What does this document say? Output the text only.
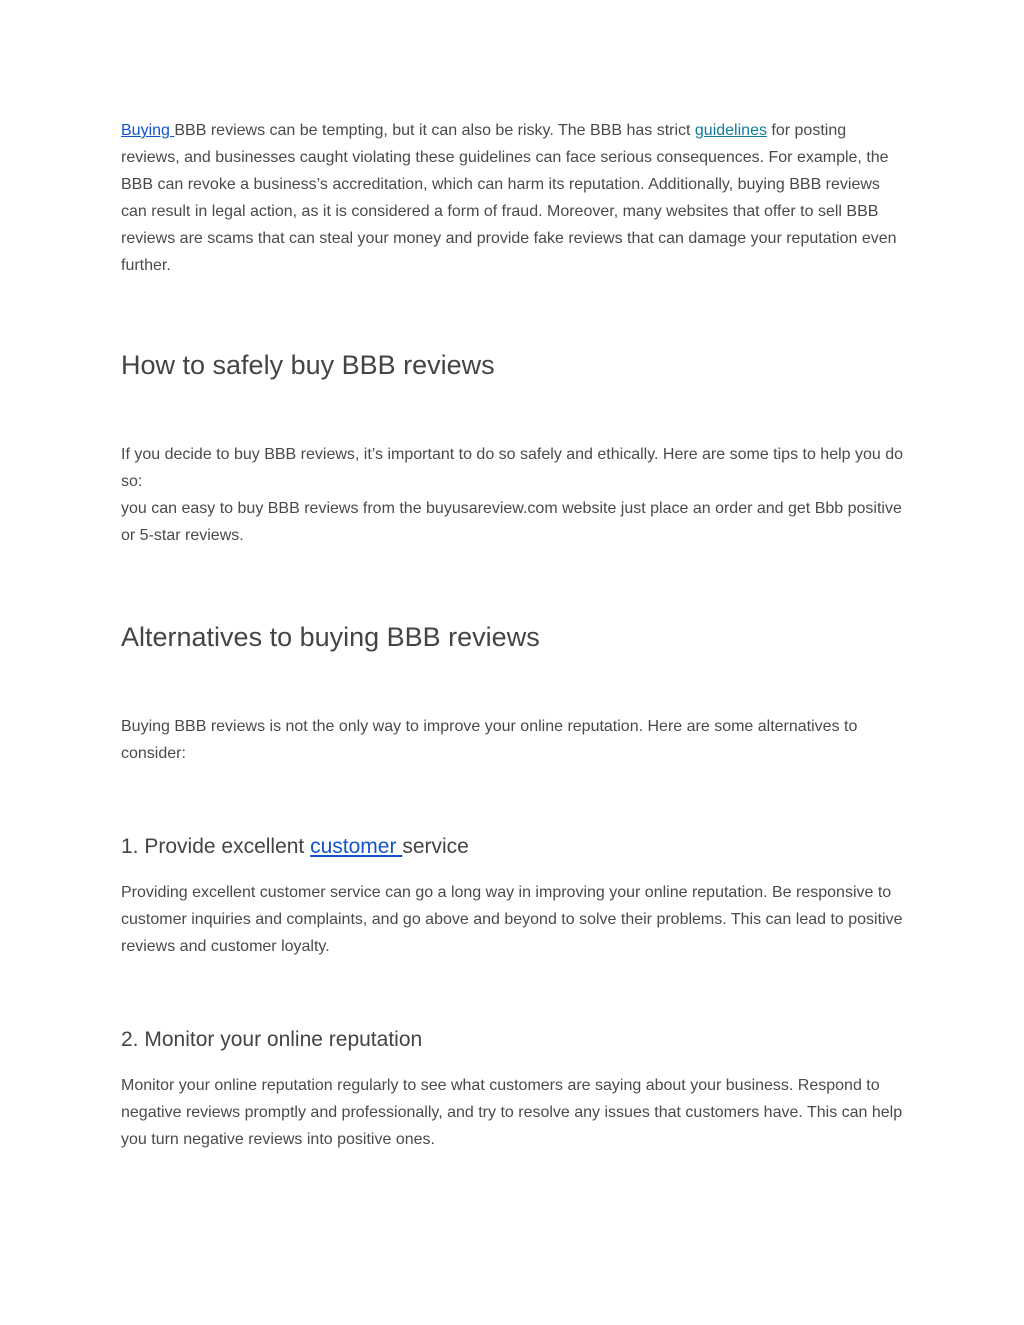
Buying BBB reviews can be tempting, but it can also be risky. The BBB has strict guidelines for posting reviews, and businesses caught violating these guidelines can face serious consequences. For example, the BBB can revoke a business’s accreditation, which can harm its reputation. Additionally, buying BBB reviews can result in legal action, as it is considered a form of fraud. Moreover, many websites that offer to sell BBB reviews are scams that can steal your money and provide fake reviews that can damage your reputation even further.

How to safely buy BBB reviews

If you decide to buy BBB reviews, it’s important to do so safely and ethically. Here are some tips to help you do so:

you can easy to buy BBB reviews from the buyusareview.com website just place an order and get Bbb positive or 5-star reviews.

Alternatives to buying BBB reviews

Buying BBB reviews is not the only way to improve your online reputation. Here are some alternatives to consider:

1. Provide excellent customer service

Providing excellent customer service can go a long way in improving your online reputation. Be responsive to customer inquiries and complaints, and go above and beyond to solve their problems. This can lead to positive reviews and customer loyalty.

2. Monitor your online reputation

Monitor your online reputation regularly to see what customers are saying about your business. Respond to negative reviews promptly and professionally, and try to resolve any issues that customers have. This can help you turn negative reviews into positive ones.
